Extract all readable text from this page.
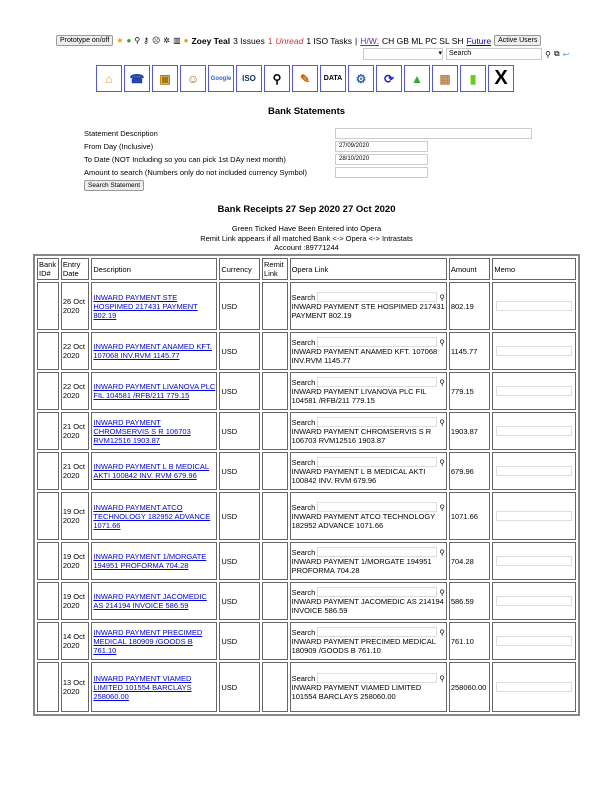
Prototype on/off ★ ● ⚲ ⚷ ☹ ✲ ▥ ● Zoey Teal 3 Issues 1 Unread 1 ISO Tasks | H/W: CH GB ML PC SL SH Future	Active Users
▾	Search	⚲ ⧉ ↩
⌂	☎	▣	☺	Google	ISO	⚲	✎	DATA	⚙	⟳	▲	▦	▮ X
Bank Statements
Statement Description
From Day (Inclusive)
To Date (NOT Including so you can pick 1st DAy next month)
Amount to search (Numbers only do not included currency Symbol)
Search Statement
27/09/2020
28/10/2020
Bank Receipts 27 Sep 2020 27 Oct 2020
Green Ticked Have Been Entered into Opera
Remit Link appears if all matched Bank <-> Opera <-> Intrastats
Account :89771244
Bank ID#	Entry Date	Description	Currency	Remit Link	Opera Link	Amount	Memo
	26 Oct 2020	INWARD PAYMENT STE HOSPIMED 217431 PAYMENT 802.19	USD		Search ⚲
INWARD PAYMENT STE HOSPIMED 217431 PAYMENT 802.19	802.19	

	22 Oct 2020	INWARD PAYMENT ANAMED KFT. 107068 INV.RVM 1145.77	USD		Search ⚲
INWARD PAYMENT ANAMED KFT. 107068 INV.RVM 1145.77	1145.77	

	22 Oct 2020	INWARD PAYMENT LIVANOVA PLC FIL 104581 /RFB/211 779.15	USD		Search ⚲
INWARD PAYMENT LIVANOVA PLC FIL 104581 /RFB/211 779.15	779.15	

	21 Oct 2020	INWARD PAYMENT CHROMSERVIS S R 106703 RVM12516 1903.87	USD		Search ⚲
INWARD PAYMENT CHROMSERVIS S R 106703 RVM12516 1903.87	1903.87	

	21 Oct 2020	INWARD PAYMENT L B MEDICAL AKTI 100842 INV. RVM 679.96	USD		Search ⚲
INWARD PAYMENT L B MEDICAL AKTI 100842 INV. RVM 679.96	679.96	

	19 Oct 2020	INWARD PAYMENT ATCO TECHNOLOGY 182952 ADVANCE 1071.66	USD		Search ⚲
INWARD PAYMENT ATCO TECHNOLOGY 182952 ADVANCE 1071.66	1071.66	

	19 Oct 2020	INWARD PAYMENT 1/MORGATE 194951 PROFORMA 704.28	USD		Search ⚲
INWARD PAYMENT 1/MORGATE 194951 PROFORMA 704.28	704.28	

	19 Oct 2020	INWARD PAYMENT JACOMEDIC AS 214194 INVOICE 586.59	USD		Search ⚲
INWARD PAYMENT JACOMEDIC AS 214194 INVOICE 586.59	586.59	

	14 Oct 2020	INWARD PAYMENT PRECIMED MEDICAL 180909 /GOODS B 761.10	USD		Search ⚲
INWARD PAYMENT PRECIMED MEDICAL 180909 /GOODS B 761.10	761.10	

	13 Oct 2020	INWARD PAYMENT VIAMED LIMITED 101554 BARCLAYS 258060.00	USD		Search ⚲
INWARD PAYMENT VIAMED LIMITED 101554 BARCLAYS 258060.00	258060.00	
